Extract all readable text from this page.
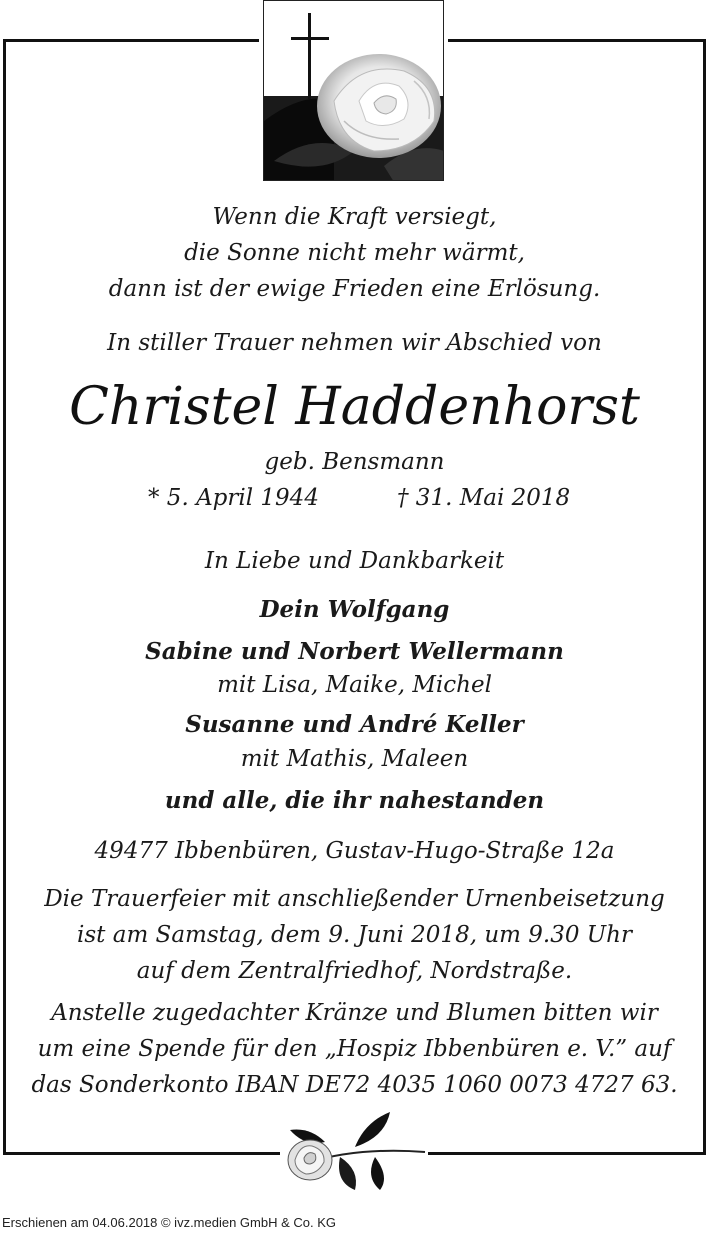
Wenn die Kraft versiegt,
die Sonne nicht mehr wärmt,
dann ist der ewige Frieden eine Erlösung.
In stiller Trauer nehmen wir Abschied von
Christel Haddenhorst
geb. Bensmann
* 5. April 1944	† 31. Mai 2018
In Liebe und Dankbarkeit
Dein Wolfgang
Sabine und Norbert Wellermann
mit Lisa, Maike, Michel
Susanne und André Keller
mit Mathis, Maleen
und alle, die ihr nahestanden
49477 Ibbenbüren, Gustav-Hugo-Straße 12a
Die Trauerfeier mit anschließender Urnenbeisetzung
ist am Samstag, dem 9. Juni 2018, um 9.30 Uhr
auf dem Zentralfriedhof, Nordstraße.
Anstelle zugedachter Kränze und Blumen bitten wir
um eine Spende für den „Hospiz Ibbenbüren e. V.” auf
das Sonderkonto IBAN DE72 4035 1060 0073 4727 63.
Erschienen am 04.06.2018 © ivz.medien GmbH & Co. KG
